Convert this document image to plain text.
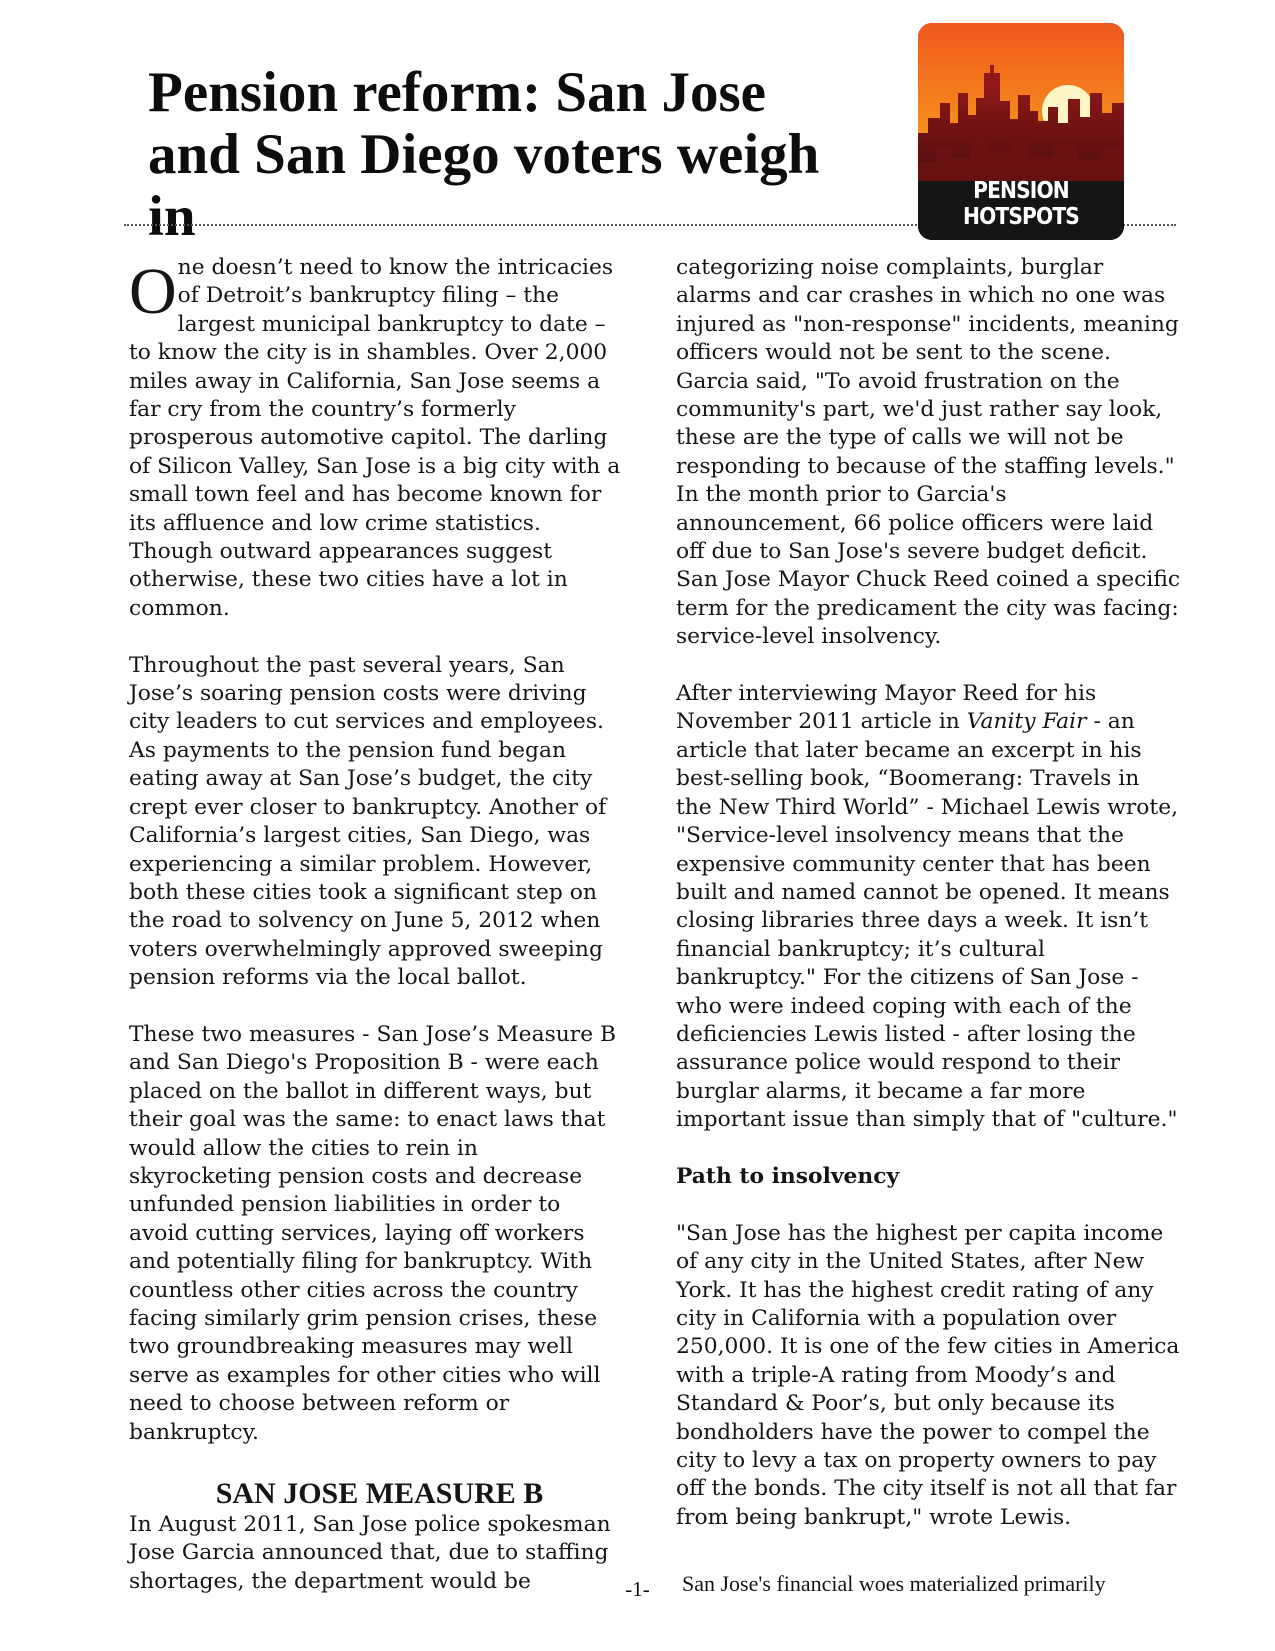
Pension reform: San Jose and San Diego voters weigh in	PENSION HOTSPOTS

One doesn’t need to know the intricacies of Detroit’s bankruptcy filing – the largest municipal bankruptcy to date – to know the city is in shambles. Over 2,000 miles away in California, San Jose seems a far cry from the country’s formerly prosperous automotive capitol. The darling of Silicon Valley, San Jose is a big city with a small town feel and has become known for its affluence and low crime statistics. Though outward appearances suggest otherwise, these two cities have a lot in common.

Throughout the past several years, San Jose’s soaring pension costs were driving city leaders to cut services and employees. As payments to the pension fund began eating away at San Jose’s budget, the city crept ever closer to bankruptcy. Another of California’s largest cities, San Diego, was experiencing a similar problem. However, both these cities took a significant step on the road to solvency on June 5, 2012 when voters overwhelmingly approved sweeping pension reforms via the local ballot.

These two measures - San Jose’s Measure B and San Diego's Proposition B - were each placed on the ballot in different ways, but their goal was the same: to enact laws that would allow the cities to rein in skyrocketing pension costs and decrease unfunded pension liabilities in order to avoid cutting services, laying off workers and potentially filing for bankruptcy. With countless other cities across the country facing similarly grim pension crises, these two groundbreaking measures may well serve as examples for other cities who will need to choose between reform or bankruptcy.

SAN JOSE MEASURE B

In August 2011, San Jose police spokesman Jose Garcia announced that, due to staffing shortages, the department would be

categorizing noise complaints, burglar alarms and car crashes in which no one was injured as "non-response" incidents, meaning officers would not be sent to the scene. Garcia said, "To avoid frustration on the community's part, we'd just rather say look, these are the type of calls we will not be responding to because of the staffing levels." In the month prior to Garcia's announcement, 66 police officers were laid off due to San Jose's severe budget deficit. San Jose Mayor Chuck Reed coined a specific term for the predicament the city was facing: service-level insolvency.

After interviewing Mayor Reed for his November 2011 article in Vanity Fair - an article that later became an excerpt in his best-selling book, “Boomerang: Travels in the New Third World” - Michael Lewis wrote, "Service-level insolvency means that the expensive community center that has been built and named cannot be opened. It means closing libraries three days a week. It isn’t financial bankruptcy; it’s cultural bankruptcy." For the citizens of San Jose - who were indeed coping with each of the deficiencies Lewis listed - after losing the assurance police would respond to their burglar alarms, it became a far more important issue than simply that of "culture."

Path to insolvency

"San Jose has the highest per capita income of any city in the United States, after New York. It has the highest credit rating of any city in California with a population over 250,000. It is one of the few cities in America with a triple-A rating from Moody’s and Standard & Poor’s, but only because its bondholders have the power to compel the city to levy a tax on property owners to pay off the bonds. The city itself is not all that far from being bankrupt," wrote Lewis.

San Jose's financial woes materialized primarily

-1-
